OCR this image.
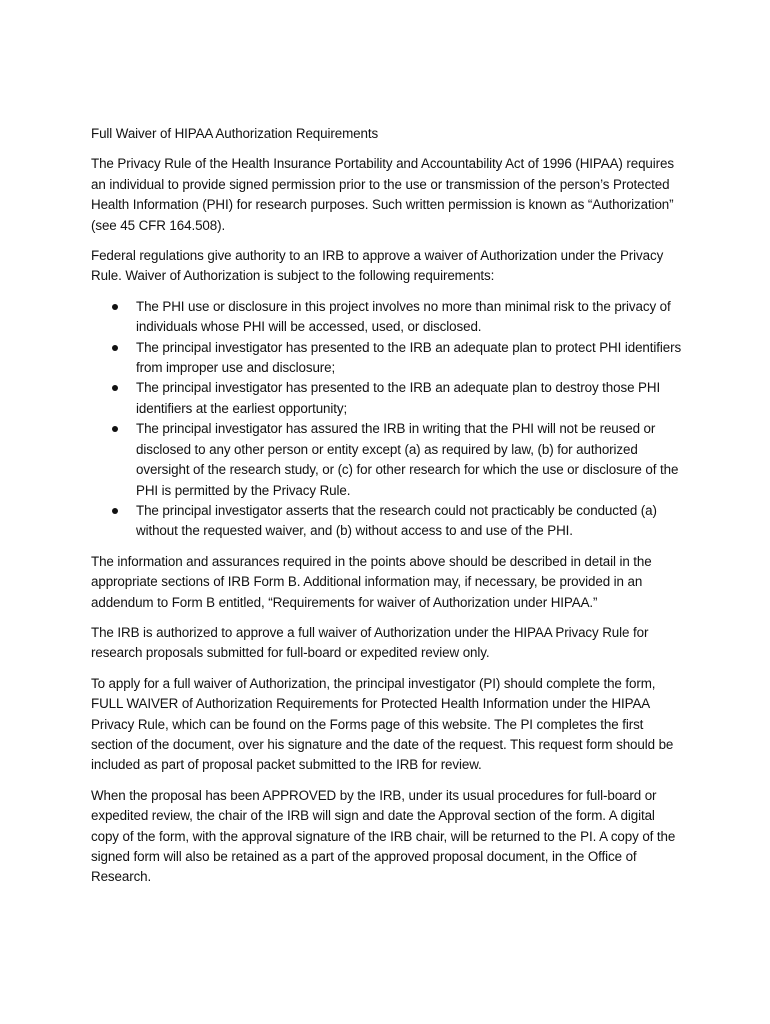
Full Waiver of HIPAA Authorization Requirements

The Privacy Rule of the Health Insurance Portability and Accountability Act of 1996 (HIPAA) requires an individual to provide signed permission prior to the use or transmission of the person’s Protected Health Information (PHI) for research purposes. Such written permission is known as “Authorization” (see 45 CFR 164.508).

Federal regulations give authority to an IRB to approve a waiver of Authorization under the Privacy Rule. Waiver of Authorization is subject to the following requirements:

The PHI use or disclosure in this project involves no more than minimal risk to the privacy of individuals whose PHI will be accessed, used, or disclosed.
The principal investigator has presented to the IRB an adequate plan to protect PHI identifiers from improper use and disclosure;
The principal investigator has presented to the IRB an adequate plan to destroy those PHI identifiers at the earliest opportunity;
The principal investigator has assured the IRB in writing that the PHI will not be reused or disclosed to any other person or entity except (a) as required by law, (b) for authorized oversight of the research study, or (c) for other research for which the use or disclosure of the PHI is permitted by the Privacy Rule.
The principal investigator asserts that the research could not practicably be conducted (a) without the requested waiver, and (b) without access to and use of the PHI.

The information and assurances required in the points above should be described in detail in the appropriate sections of IRB Form B. Additional information may, if necessary, be provided in an addendum to Form B entitled, “Requirements for waiver of Authorization under HIPAA.”

The IRB is authorized to approve a full waiver of Authorization under the HIPAA Privacy Rule for research proposals submitted for full-board or expedited review only.

To apply for a full waiver of Authorization, the principal investigator (PI) should complete the form, FULL WAIVER of Authorization Requirements for Protected Health Information under the HIPAA Privacy Rule, which can be found on the Forms page of this website. The PI completes the first section of the document, over his signature and the date of the request. This request form should be included as part of proposal packet submitted to the IRB for review.

When the proposal has been APPROVED by the IRB, under its usual procedures for full-board or expedited review, the chair of the IRB will sign and date the Approval section of the form. A digital copy of the form, with the approval signature of the IRB chair, will be returned to the PI. A copy of the signed form will also be retained as a part of the approved proposal document, in the Office of Research.
